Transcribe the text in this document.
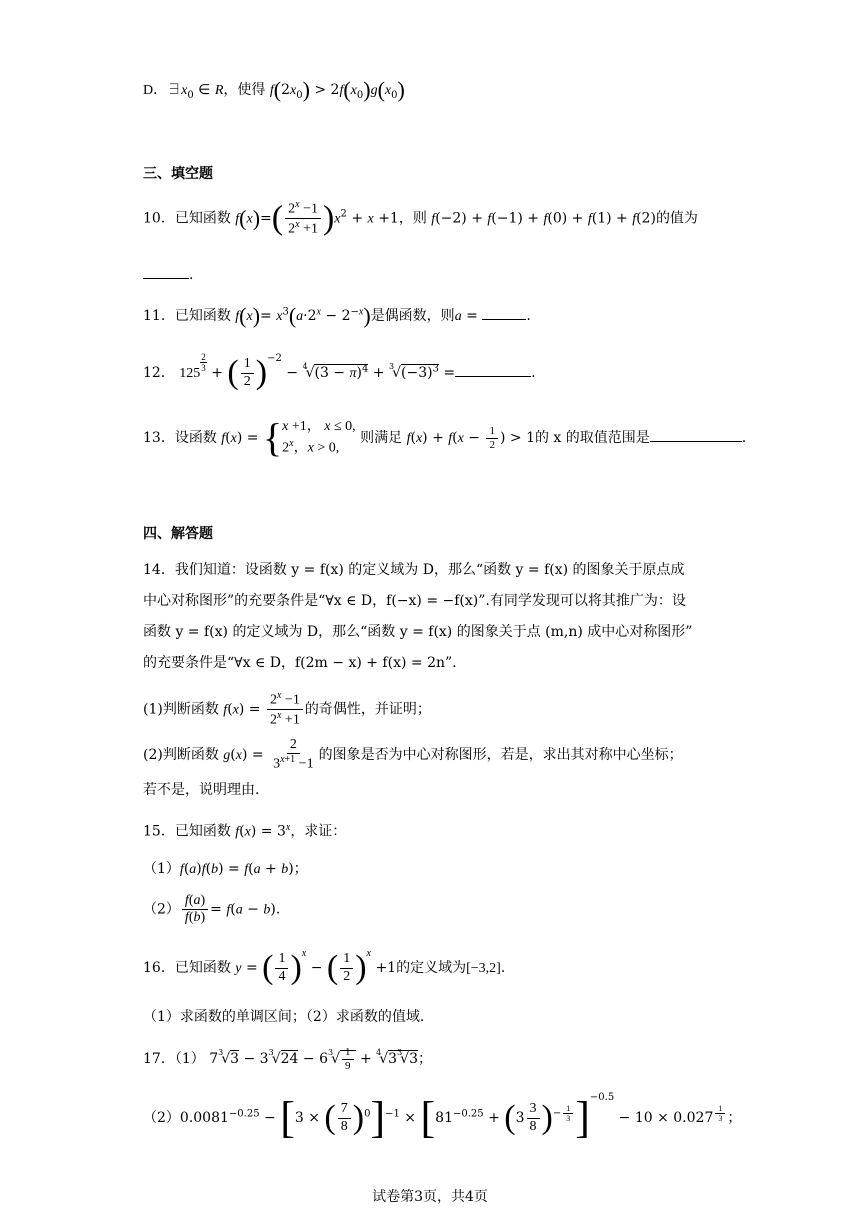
D．$\exists x_0$ ∈ R，使得 $f(2x_0) > 2f(x_0)g(x_0)$
三、填空题
10．已知函数 $f(x)=( \frac{2^x -1}{2^x +1} )x^2 + x +1$，则 f(−2) + f(−1) + f(0) + f(1) + f(2)的值为
.
11．已知函数 $f(x)= x^3(a\cdot 2^x - 2^{-x})$是偶函数，则a =	.
12． 125 $^{\frac{2}{3}}$ + ( $\frac{1}{2} )^{-2} - ^4√(3 - \pi)^4 + ^3√(-3)^3$ =	.
13．设函数 f(x) = { x +1， x ≤ 0,
2$^x$，x > 0,
则满足 $f(x) + f(x - \frac{1}{2}$ ) > 1的 x 的取值范围是	.
四、解答题
14．我们知道：设函数 y = f(x) 的定义域为 D，那么“函数 y = f(x) 的图象关于原点成
中心对称图形”的充要条件是“∀x ∈ D，f(−x) = −f(x)”.有同学发现可以将其推广为：设
函数 y = f(x) 的定义域为 D，那么“函数 y = f(x) 的图象关于点 (m,n) 成中心对称图形”
的充要条件是“∀x ∈ D，f(2m − x) + f(x) = 2n”.
(1)判断函数 $f(x) = \frac{2^x -1}{2^x +1}$ 的奇偶性，并证明；
(2)判断函数 $g(x) = \frac{2}{3^{x+1} -1}$ 的图象是否为中心对称图形，若是，求出其对称中心坐标；
若不是，说明理由.
15．已知函数 $f(x) = 3^x$，求证：
（1）f(a)f(b) = f(a + b)；
$(2) \frac{f(a)}{f(b)} = f(a - b)$.
16．已知函数 y = ( $\frac{1}{4} )^x$ − ( $\frac{1}{2} )^x +1$的定义域为[−3,2].
（1）求函数的单调区间；（2）求函数的值域.
17．（1） $7^3√3 - 3^3√24 - 6^3√ \frac{1}{9} + ^4√3^3√3$；
$(2)0.0081^{-0.25} - [3$ × ( $\frac{7}{8} )^0]^{-1} \times [81^{-0.25} + (3 \frac{3}{8} )^{- \frac{1}{3}}$ ]$^{-0.5}$ − 10 × 0.027 $^{\frac{1}{3}}$ ；
试卷第3页，共4页
